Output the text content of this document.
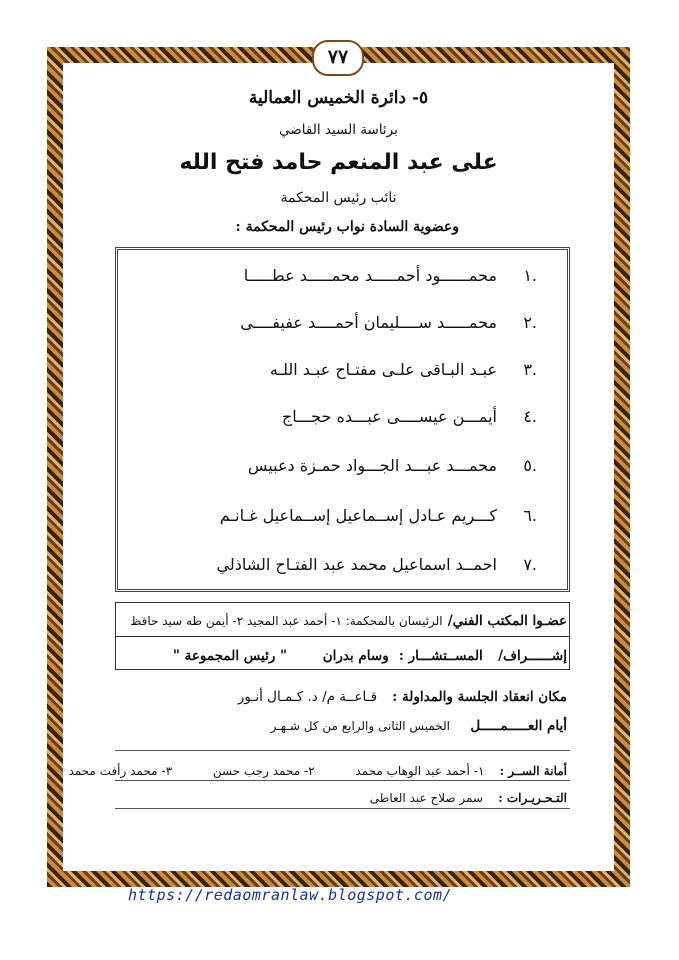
٧٧
٥- دائرة الخميس العمالية
برئاسة السيد القاضي
على عبد المنعم حامد فتح الله
نائب رئيس المحكمة
وعضوية السادة نواب رئيس المحكمة :
.١محمــــــود أحمـــــد محمـــــد عطـــــا
.٢محمـــــد ســــليمان أحمــــد عفيفــــى
.٣عبـد البـاقى علـى مفتـاح عبـد اللـه
.٤أيمـــن عيســــى عبـــده حجـــاج
.٥محمـــد عبـــد الجـــواد حمـزة دعبيس
.٦كـــريم عـادل إســماعيل إســماعيل غـانـم
.٧احمــد اسماعيل محمد عبد الفتـاح الشاذلي
عضـوا المكتب الفني/ الرئيسان بالمحكمة: ١- أحمد عبد المجيد ٢- أيمن طه سيد حافظ
إشــــــراف/   المســتشـــار :  وسام بدران       " رئيس المجموعة "
مكان انعقاد الجلسة والمداولة :   قـاعــة م/ د. كـمـال أنـور
أيام العـــــمـــــل    الخميس الثانى والرابع من كل شـهـر
أمانة الســر :   ١- أحمد عبد الوهاب محمد        ٢- محمد رجب حسن        ٣- محمد رأفت محمد
التـحـريـرات :   سمر صلاح عبد العاطى
https://redaomranlaw.blogspot.com/
